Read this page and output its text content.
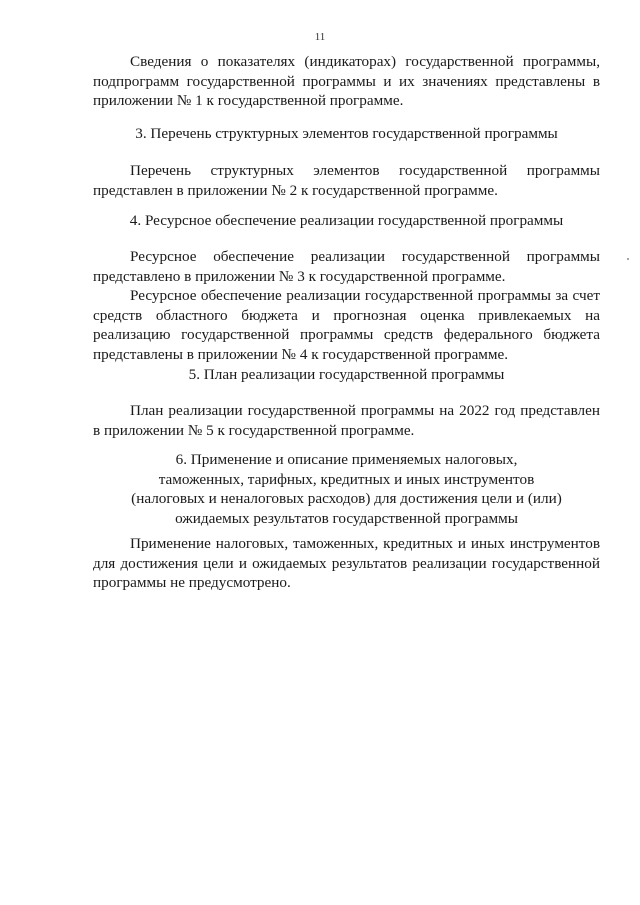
11

Сведения о показателях (индикаторах) государственной программы, подпрограмм государственной программы и их значениях представлены в приложении № 1 к государственной программе.

3. Перечень структурных элементов государственной программы

Перечень структурных элементов государственной программы представлен в приложении № 2 к государственной программе.

4. Ресурсное обеспечение реализации государственной программы

Ресурсное обеспечение реализации государственной программы представлено в приложении № 3 к государственной программе.

Ресурсное обеспечение реализации государственной программы за счет средств областного бюджета и прогнозная оценка привлекаемых на реализацию государственной программы средств федерального бюджета представлены в приложении № 4 к государственной программе.

5. План реализации государственной программы

План реализации государственной программы на 2022 год представлен в приложении № 5 к государственной программе.

6. Применение и описание применяемых налоговых,
таможенных, тарифных, кредитных и иных инструментов
(налоговых и неналоговых расходов) для достижения цели и (или)
ожидаемых результатов государственной программы

Применение налоговых, таможенных, кредитных и иных инструментов для достижения цели и ожидаемых результатов реализации государственной программы не предусмотрено.
